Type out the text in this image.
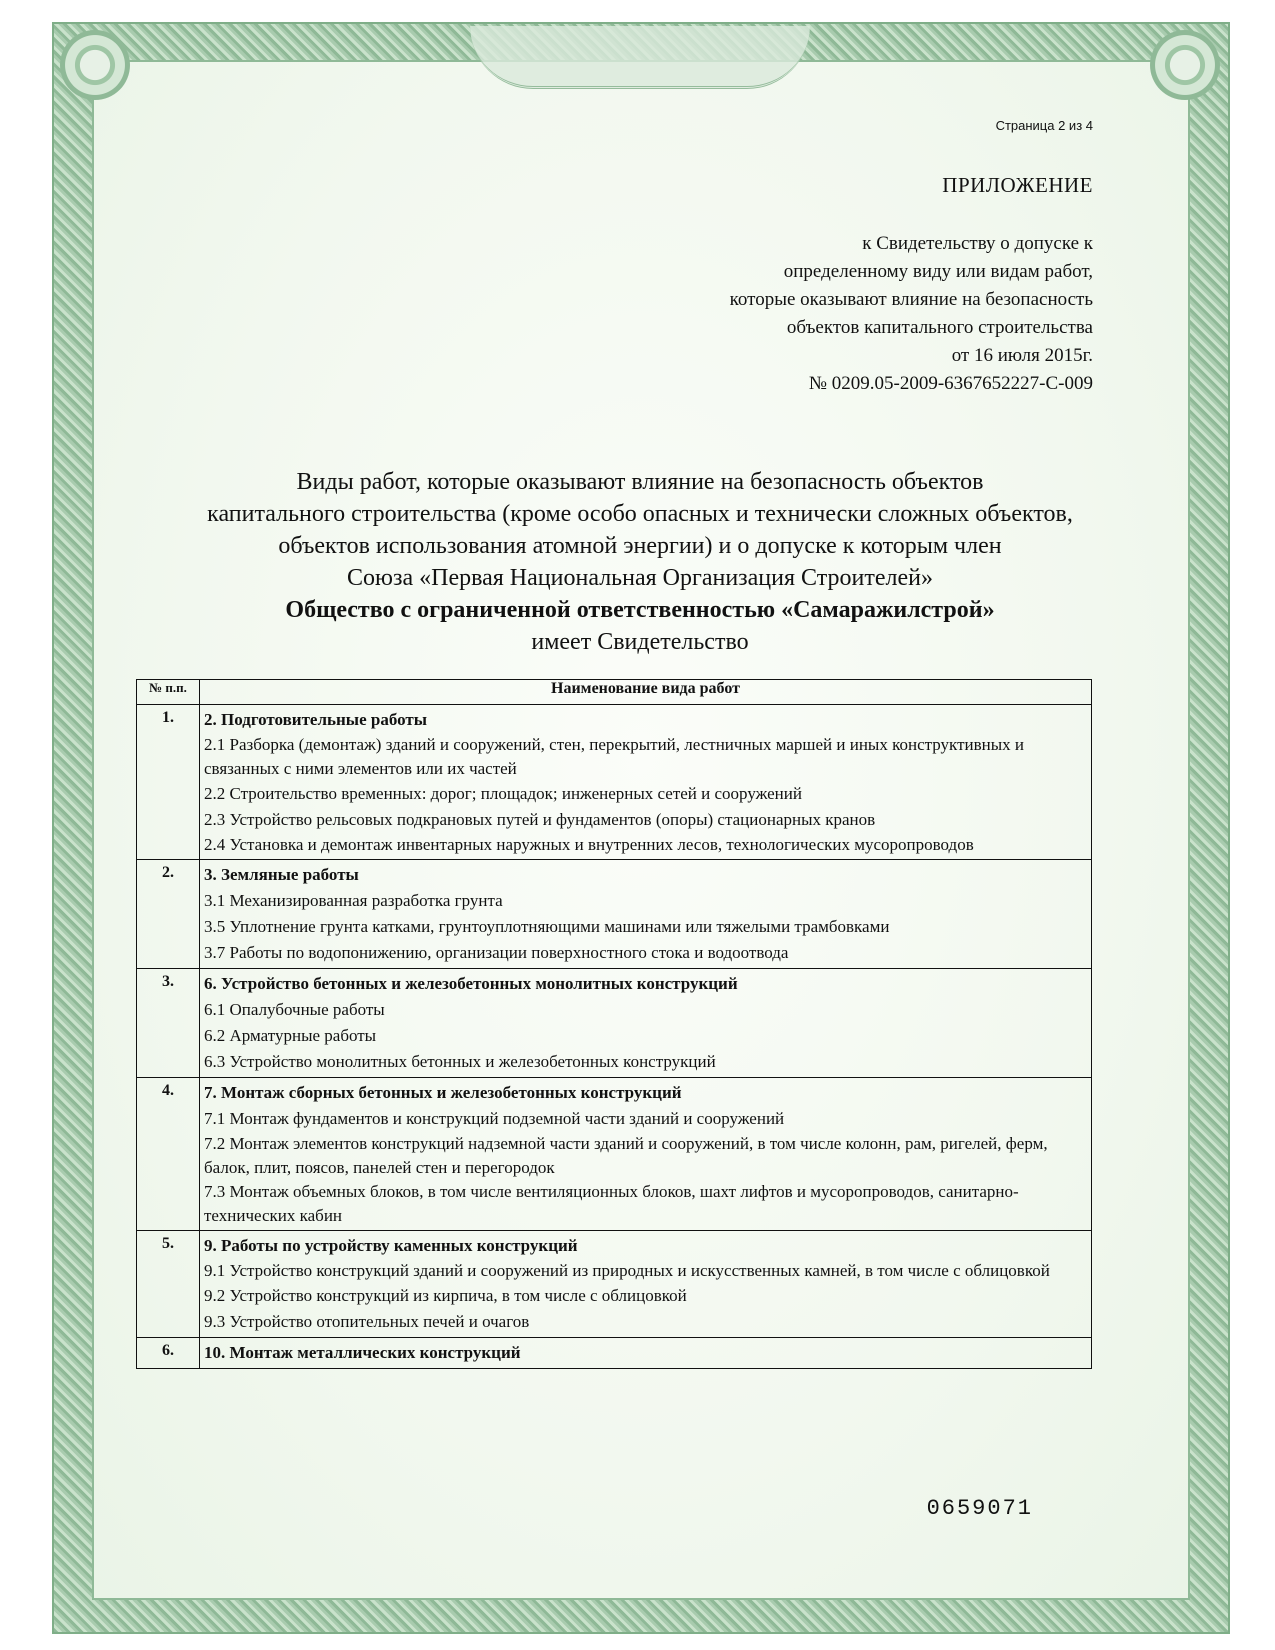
Страница 2 из 4
ПРИЛОЖЕНИЕ
к Свидетельству о допуске к
определенному виду или видам работ,
которые оказывают влияние на безопасность
объектов капитального строительства
от 16 июля 2015г.
№ 0209.05-2009-6367652227-С-009
Виды работ, которые оказывают влияние на безопасность объектов
капитального строительства (кроме особо опасных и технически сложных объектов,
объектов использования атомной энергии) и о допуске к которым член
Союза «Первая Национальная Организация Строителей»
Общество с ограниченной ответственностью «Самаражилстрой»
имеет Свидетельство
№ п.п.	Наименование вида работ
1.	2. Подготовительные работы
2.1 Разборка (демонтаж) зданий и сооружений, стен, перекрытий, лестничных маршей и иных конструктивных и связанных с ними элементов или их частей
2.2 Строительство временных: дорог; площадок; инженерных сетей и сооружений
2.3 Устройство рельсовых подкрановых путей и фундаментов (опоры) стационарных кранов
2.4 Установка и демонтаж инвентарных наружных и внутренних лесов, технологических мусоропроводов

2.	3. Земляные работы
3.1 Механизированная разработка грунта
3.5 Уплотнение грунта катками, грунтоуплотняющими машинами или тяжелыми трамбовками
3.7 Работы по водопонижению, организации поверхностного стока и водоотвода

3.	6. Устройство бетонных и железобетонных монолитных конструкций
6.1 Опалубочные работы
6.2 Арматурные работы
6.3 Устройство монолитных бетонных и железобетонных конструкций

4.	7. Монтаж сборных бетонных и железобетонных конструкций
7.1 Монтаж фундаментов и конструкций подземной части зданий и сооружений
7.2 Монтаж элементов конструкций надземной части зданий и сооружений, в том числе колонн, рам, ригелей, ферм, балок, плит, поясов, панелей стен и перегородок
7.3 Монтаж объемных блоков, в том числе вентиляционных блоков, шахт лифтов и мусоропроводов, санитарно-технических кабин

5.	9. Работы по устройству каменных конструкций
9.1 Устройство конструкций зданий и сооружений из природных и искусственных камней, в том числе с облицовкой
9.2 Устройство конструкций из кирпича, в том числе с облицовкой
9.3 Устройство отопительных печей и очагов

6.	10. Монтаж металлических конструкций
0659071
